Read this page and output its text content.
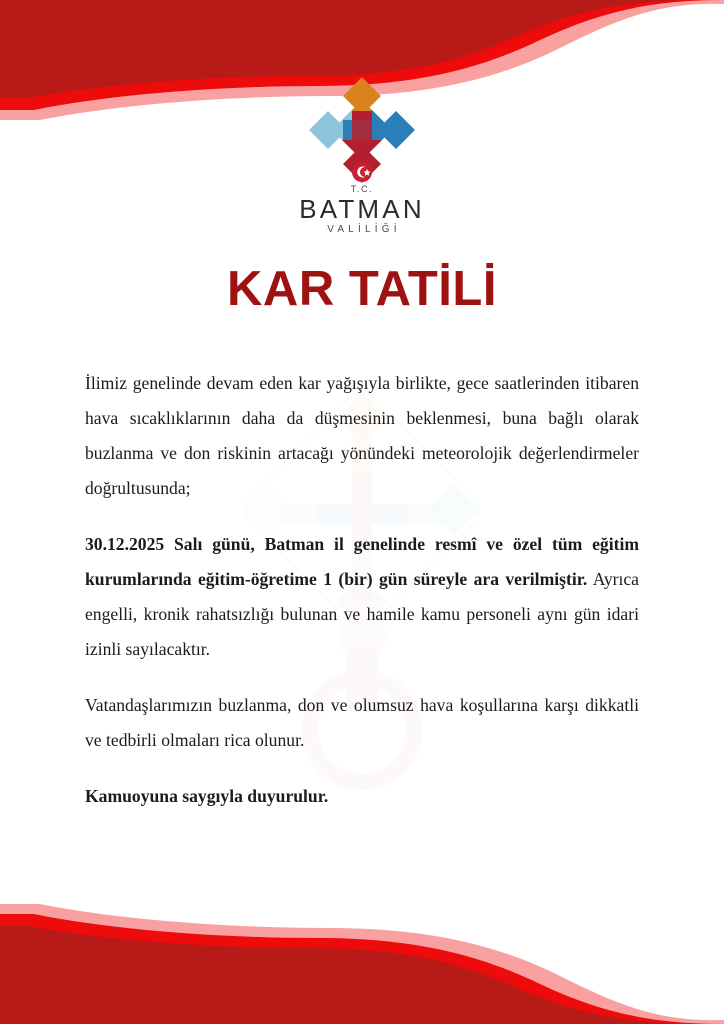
T.C.
BATMAN
VALİLİĞİ
KAR TATİLİ

İlimiz genelinde devam eden kar yağışıyla birlikte, gece saatlerinden itibaren hava sıcaklıklarının daha da düşmesinin beklenmesi, buna bağlı olarak buzlanma ve don riskinin artacağı yönündeki meteorolojik değerlendirmeler doğrultusunda;

30.12.2025 Salı günü, Batman il genelinde resmî ve özel tüm eğitim kurumlarında eğitim-öğretime 1 (bir) gün süreyle ara verilmiştir. Ayrıca engelli, kronik rahatsızlığı bulunan ve hamile kamu personeli aynı gün idari izinli sayılacaktır.

Vatandaşlarımızın buzlanma, don ve olumsuz hava koşullarına karşı dikkatli ve tedbirli olmaları rica olunur.

Kamuoyuna saygıyla duyurulur.
